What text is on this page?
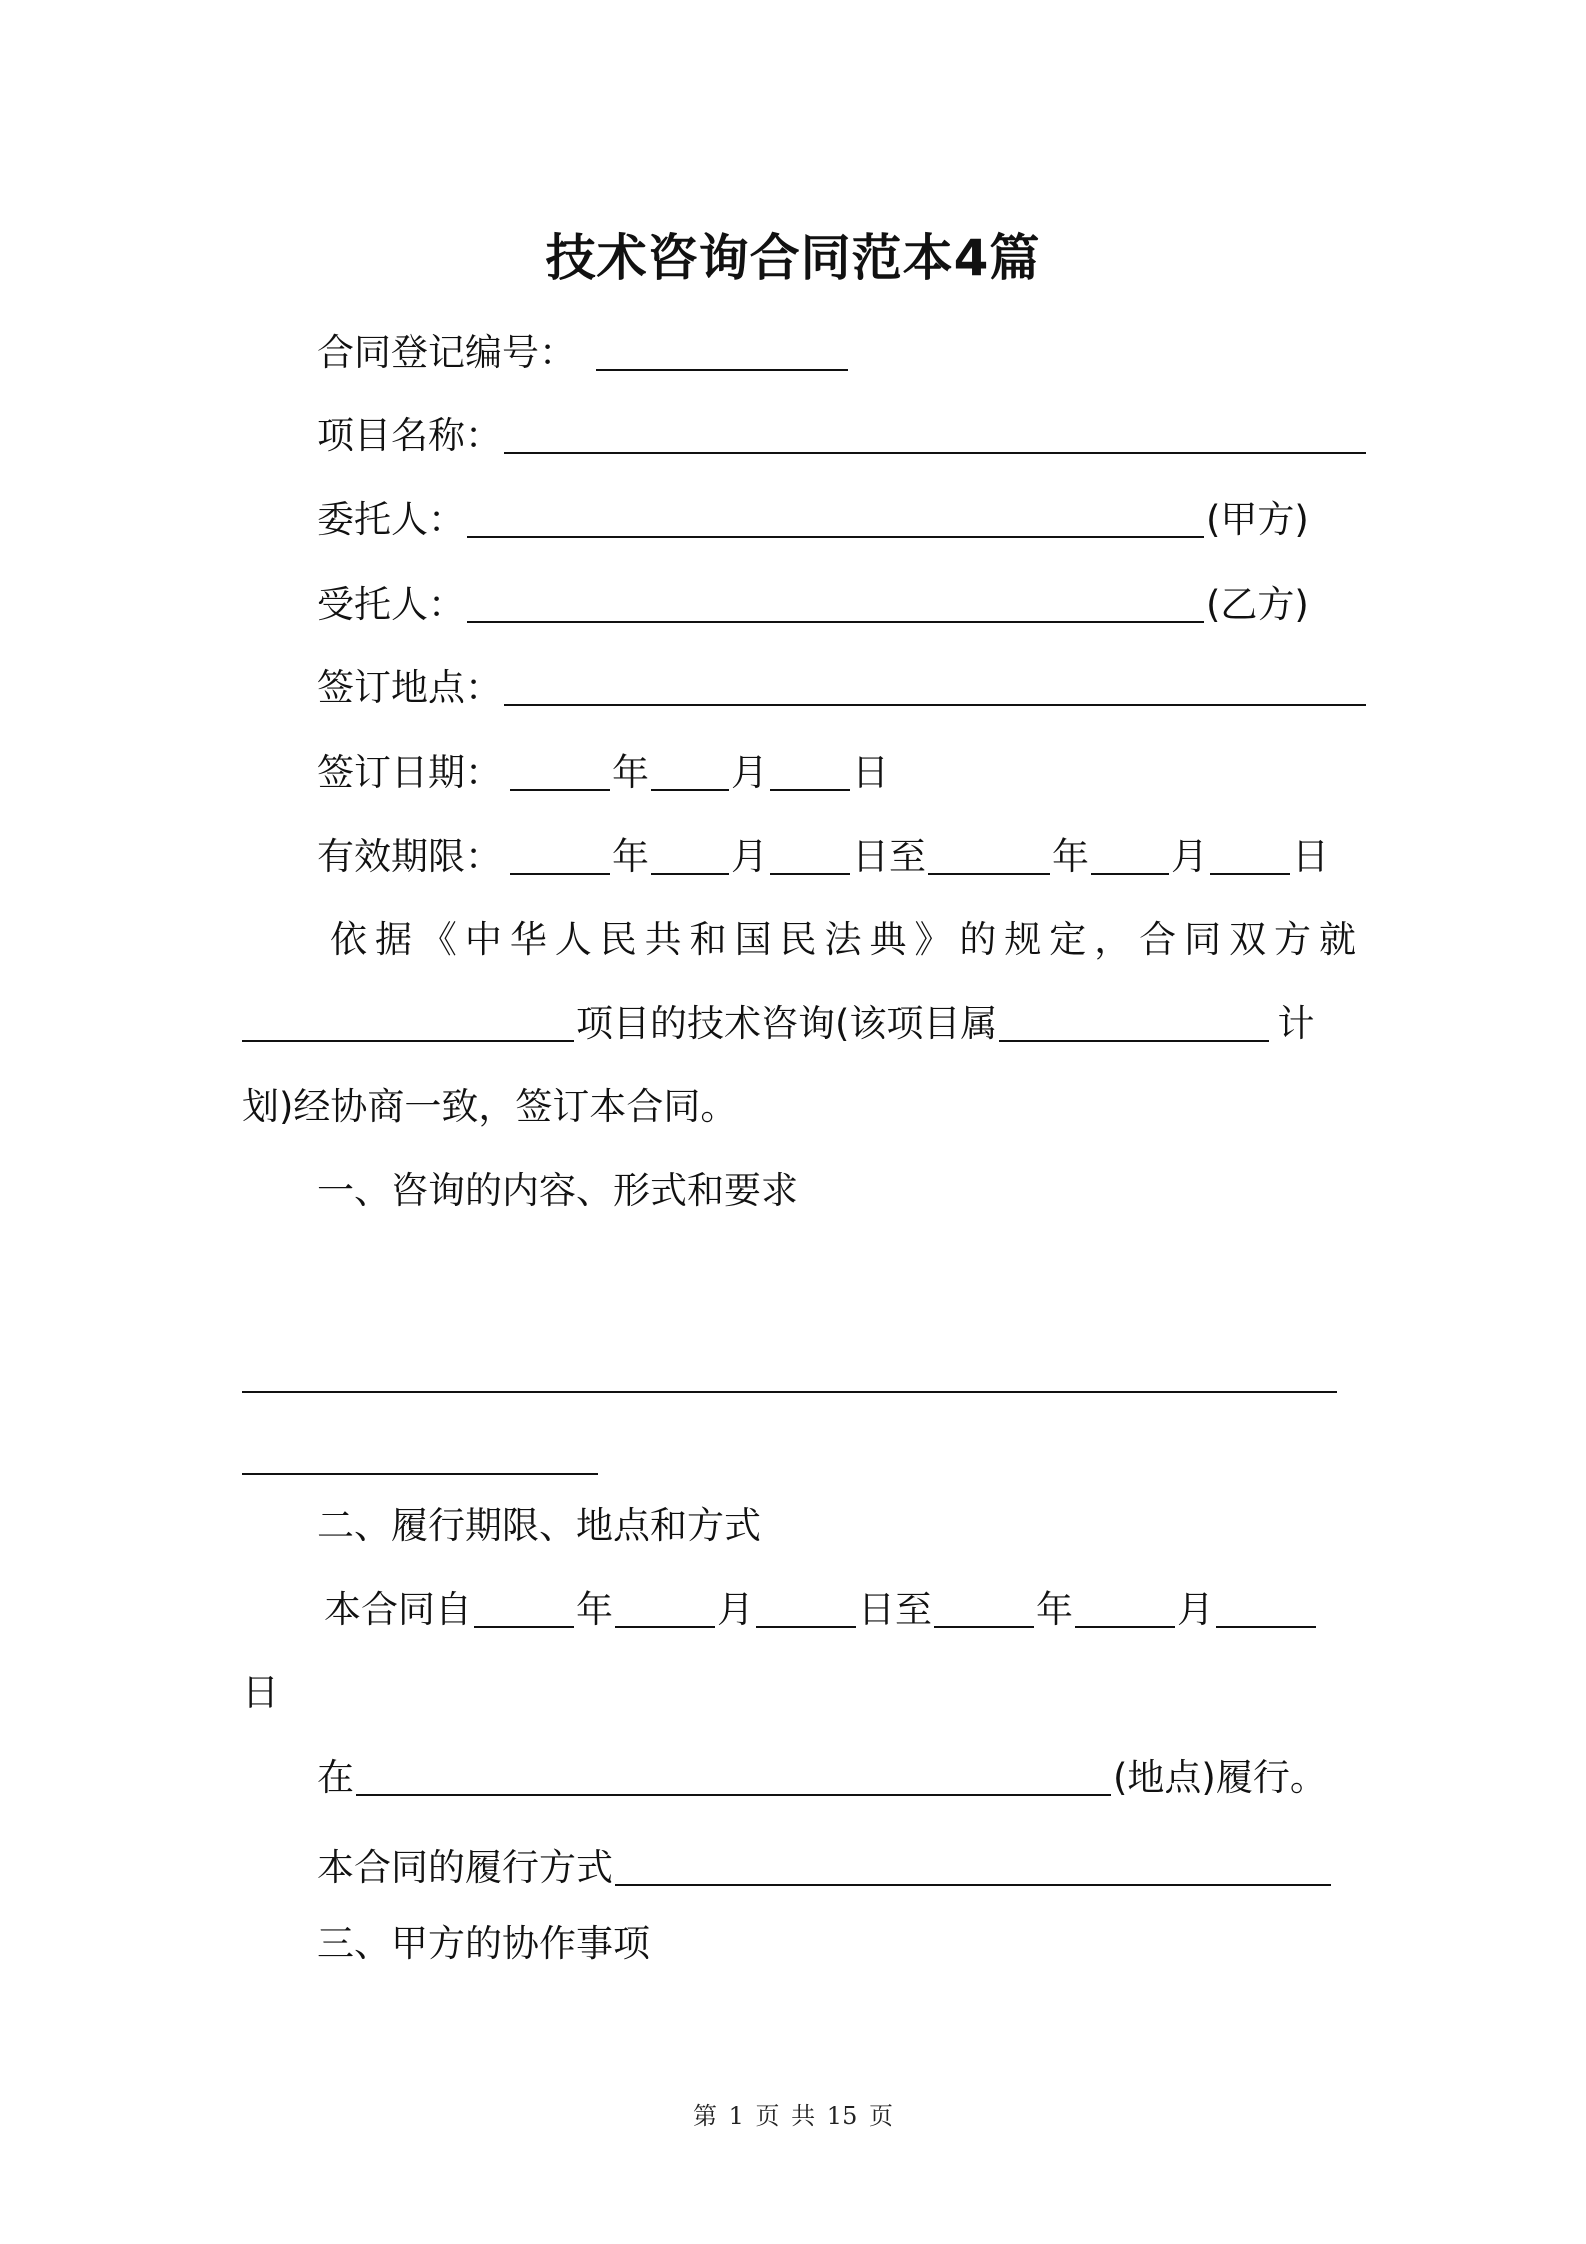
技术咨询合同范本4篇
合同登记编号：
项目名称：
委托人：	(甲方)
受托人：	(乙方)
签订地点：
签订日期：	年 月 日
有效期限：	年 月 日至	年 月 日
依据《中华人民共和国民法典》的规定，合同双方就
项目的技术咨询(该项目属	计
划)经协商一致，签订本合同。
一、咨询的内容、形式和要求
二、履行期限、地点和方式
本合同自	年	月	日至	年	月
日
在	(地点)履行。
本合同的履行方式
三、甲方的协作事项
第 1 页 共 15 页
